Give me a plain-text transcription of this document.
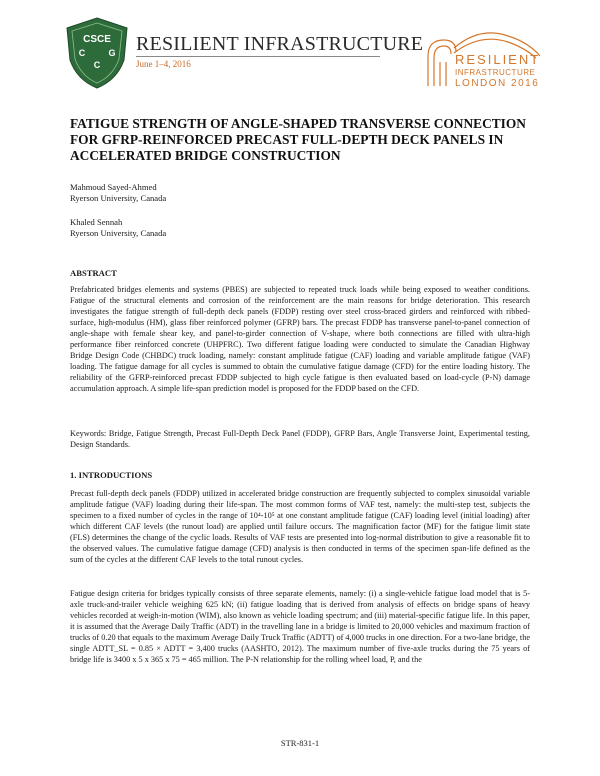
CSCE
C	G
C
RESILIENT INFRASTRUCTURE
June 1–4, 2016	RESILIENT
INFRASTRUCTURE
LONDON 2016
FATIGUE STRENGTH OF ANGLE-SHAPED TRANSVERSE CONNECTION FOR GFRP-REINFORCED PRECAST FULL-DEPTH DECK PANELS IN ACCELERATED BRIDGE CONSTRUCTION
Mahmoud Sayed-Ahmed
Ryerson University, Canada
Khaled Sennah
Ryerson University, Canada
ABSTRACT
Prefabricated bridges elements and systems (PBES) are subjected to repeated truck loads while being exposed to weather conditions. Fatigue of the structural elements and corrosion of the reinforcement are the main reasons for bridge deterioration. This research investigates the fatigue strength of full-depth deck panels (FDDP) resting over steel cross-braced girders and reinforced with ribbed-surface, high-modulus (HM), glass fiber reinforced polymer (GFRP) bars. The precast FDDP has transverse panel-to-panel connection of angle-shape with female shear key, and panel-to-girder connection of V-shape, where both connections are filled with ultra-high performance fiber reinforced concrete (UHPFRC). Two different fatigue loading were conducted to simulate the Canadian Highway Bridge Design Code (CHBDC) truck loading, namely: constant amplitude fatigue (CAF) loading and variable amplitude fatigue (VAF) loading. The fatigue damage for all cycles is summed to obtain the cumulative fatigue damage (CFD) for the entire loading history. The reliability of the GFRP-reinforced precast FDDP subjected to high cycle fatigue is then evaluated based on load-cycle (P-N) damage accumulation approach. A simple life-span prediction model is proposed for the FDDP based on the CFD.
Keywords: Bridge, Fatigue Strength, Precast Full-Depth Deck Panel (FDDP), GFRP Bars, Angle Transverse Joint, Experimental testing, Design Standards.
1. INTRODUCTIONS
Precast full-depth deck panels (FDDP) utilized in accelerated bridge construction are frequently subjected to complex sinusoidal variable amplitude fatigue (VAF) loading during their life-span. The most common forms of VAF test, namely: the multi-step test, subjects the specimen to a fixed number of cycles in the range of 10⁴-10⁵ at one constant amplitude fatigue (CAF) loading level (initial loading) after which different CAF levels (the runout load) are applied until failure occurs. The magnification factor (MF) for the fatigue limit state (FLS) determines the change of the cyclic loads. Results of VAF tests are presented into log-normal distribution to give a reasonable fit to the observed values. The cumulative fatigue damage (CFD) analysis is then conducted in terms of the specimen span-life defined as the sum of the cycles at the different CAF levels to the total runout cycles.
Fatigue design criteria for bridges typically consists of three separate elements, namely: (i) a single-vehicle fatigue load model that is 5-axle truck-and-trailer vehicle weighing 625 kN; (ii) fatigue loading that is derived from analysis of effects on bridge spans of heavy vehicles recorded at weigh-in-motion (WIM), also known as vehicle loading spectrum; and (iii) material-specific fatigue life. In this paper, it is assumed that the Average Daily Traffic (ADT) in the travelling lane in a bridge is limited to 20,000 vehicles and maximum fraction of trucks of 0.20 that equals to the maximum Average Daily Truck Traffic (ADTT) of 4,000 trucks in one direction. For a two-lane bridge, the single ADTT_SL = 0.85 × ADTT = 3,400 trucks (AASHTO, 2012). The maximum number of five-axle trucks during the 75 years of bridge life is 3400 x 5 x 365 x 75 = 465 million. The P-N relationship for the rolling wheel load, P, and the
STR-831-1
